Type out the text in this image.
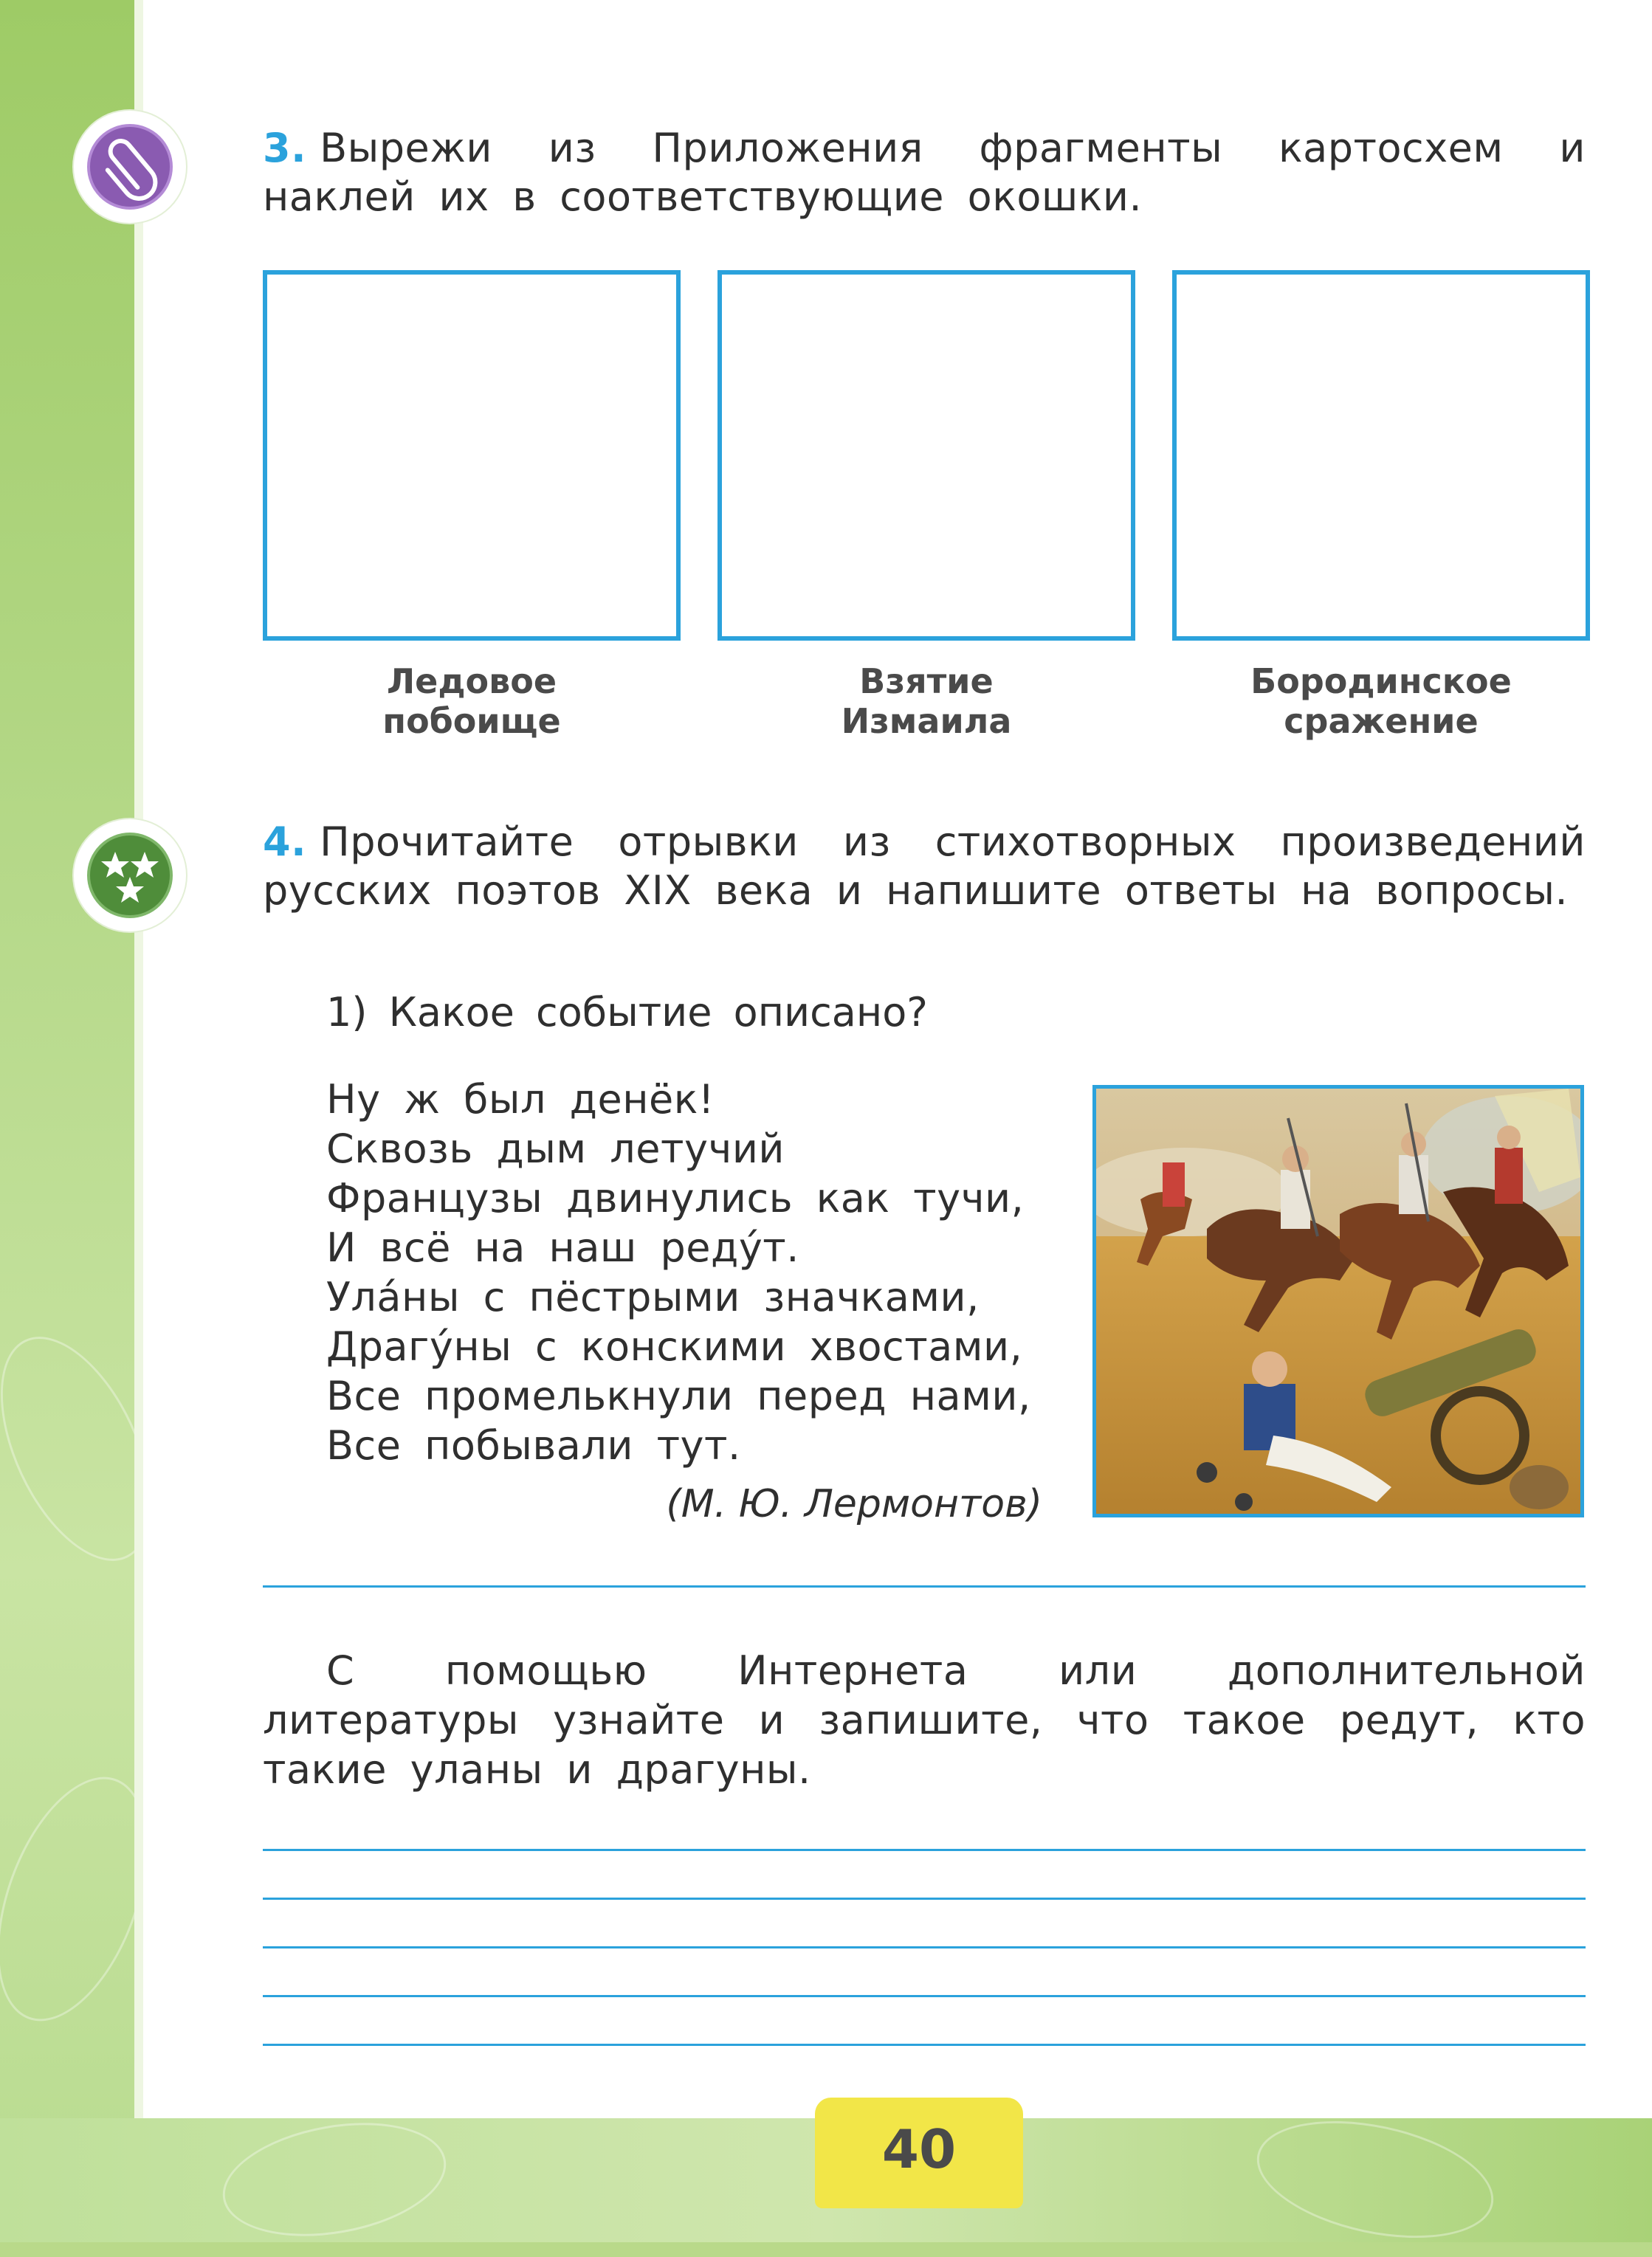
3. Вырежи из Приложения фрагменты картосхем и наклей их в соответствующие окошки.
Ледовое
побоище
Взятие
Измаила
Бородинское
сражение
4. Прочитайте отрывки из стихотворных произведений русских поэтов XIX века и напишите ответы на вопросы.
1) Какое событие описано?
Ну ж был денёк!
Сквозь дым летучий
Французы двинулись как тучи,
И всё на наш реду́т.
Ула́ны с пёстрыми значками,
Драгу́ны с конскими хвостами,
Все промелькнули перед нами,
Все побывали тут.
(М. Ю. Лермонтов)
С помощью Интернета или дополнительной литературы узнайте и запишите, что такое редут, кто такие уланы и драгуны.
40
